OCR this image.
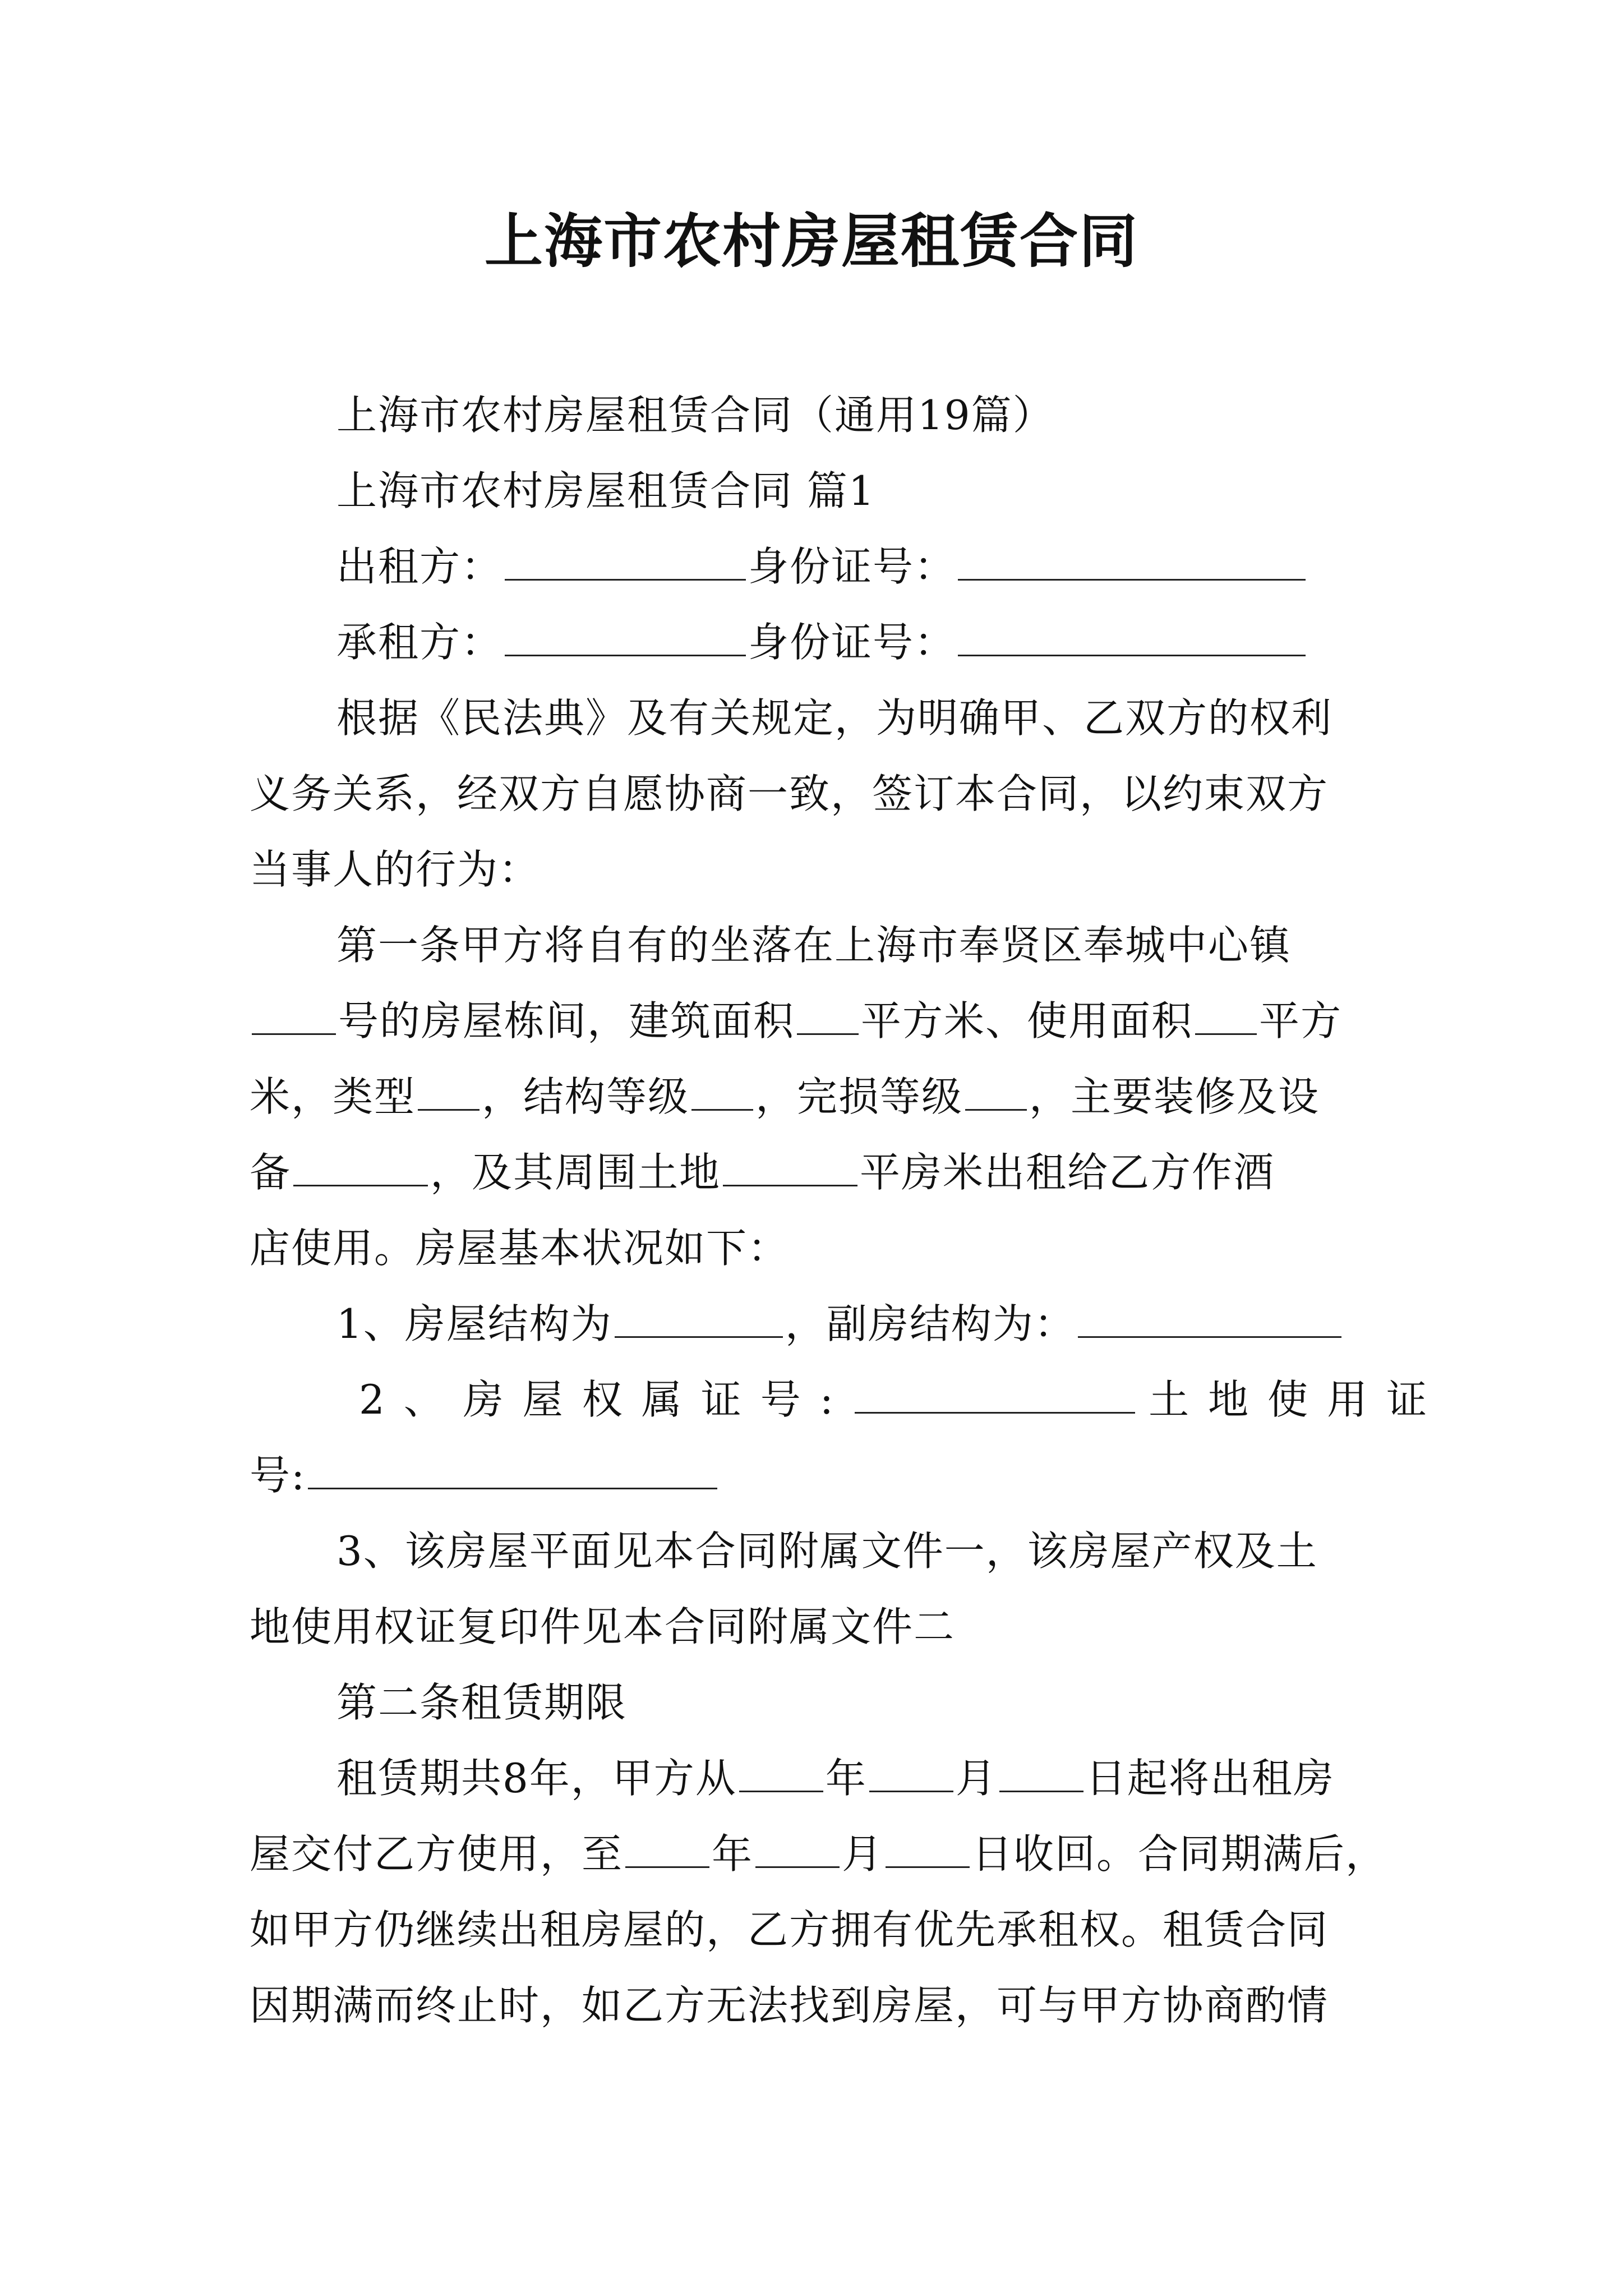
上海市农村房屋租赁合同
上海市农村房屋租赁合同（通用19篇）
上海市农村房屋租赁合同 篇1
出租方：	身份证号：
承租方：	身份证号：
根据《民法典》及有关规定，为明确甲、乙双方的权利
义务关系，经双方自愿协商一致，签订本合同，以约束双方
当事人的行为：
第一条甲方将自有的坐落在上海市奉贤区奉城中心镇
号的房屋栋间，建筑面积 平方米、使用面积 平方
米，类型 ，结构等级 ，完损等级 ，主要装修及设
备	，及其周围土地	平房米出租给乙方作酒
店使用。房屋基本状况如下：
1、房屋结构为	，副房结构为：
2、房屋权属证号:	土地使用证
号:
3、该房屋平面见本合同附属文件一，该房屋产权及土
地使用权证复印件见本合同附属文件二
第二条租赁期限
租赁期共8年，甲方从 年 月 日起将出租房
屋交付乙方使用，至 年 月 日收回。合同期满后，
如甲方仍继续出租房屋的，乙方拥有优先承租权。租赁合同
因期满而终止时，如乙方无法找到房屋，可与甲方协商酌情
